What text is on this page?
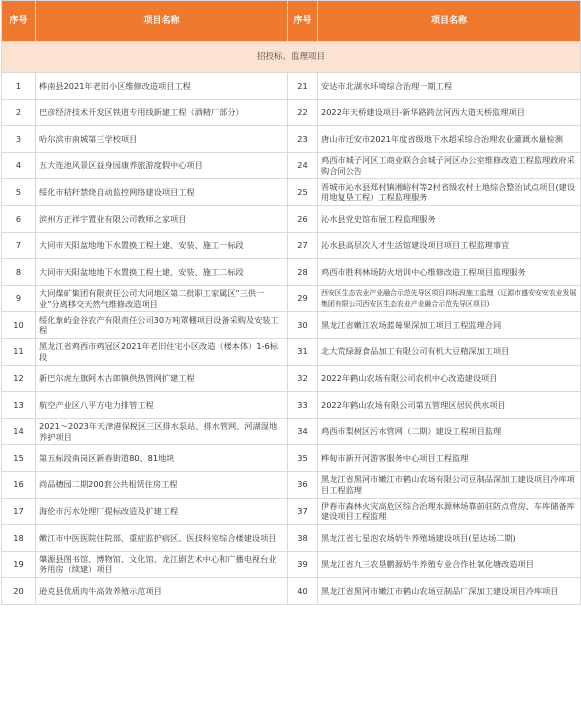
序号	项目名称	序号	项目名称
招投标、监理项目			
1	桦南县2021年老旧小区维修改造项目工程	21	安达市北湖水环境综合治理一期工程
2	巴彦经济技术开发区铁道专用线新建工程（酒精厂部分）	22	2022年天桥建设项目-新华路跨岔河西大道天桥监理项目
3	哈尔滨市南城第三学校项目	23	唐山市迁安市2021年度省级地下水超采综合治理农业灌溉水量检测
4	五大连池风景区益身园康养旅游度假中心项目	24	鸡西市城子河区工商业联合会城子河区办公室维修改造工程监理政府采购合同公告
5	绥化市秸秆禁烧自动监控网络建设项目工程	25	晋城市沁水县郑村镇湘峪村等2村省级农村土地综合整治试点项目(建设用地复垦工程）工程监理服务
6	滨州方正祥宇置业有限公司教师之家项目	26	沁水县党史馆布展工程监理服务
7	大同市天阳盆地地下水置换工程土建、安装、施工一标段	27	沁水县高层次人才生活馆建设项目项目工程监理事宜
8	大同市天阳盆地地下水置换工程土建、安装、施工二标段	28	鸡西市胜利林场防火培训中心维修改造工程项目监理服务
9	大同煤矿集团有限责任公司大同地区第二批职工家属区“三供一业”分离移交天然气维修改造项目	29	西安区生态农业产业融合示范先导区项目四标段施工监理（辽源市盛安安安农业发展集团有限公司西安区生态农业产业融合示范先导区项目)
10	绥化象屿金谷农产有限责任公司30万吨罩棚项目设备采购及安装工程	30	黑龙江省嫩江农场蓝莓果深加工项目工程监理合同
11	黑龙江省鸡西市鸡冠区2021年老旧住宅小区改造（楼本体）1-6标段	31	北大荒绿源食品加工有限公司有机大豆精深加工项目
12	新巴尔虎左旗阿木古郎镇供热管网扩建工程	32	2022年鹤山农场有限公司农机中心改造建设项目
13	航空产业区八平方电力排管工程	33	2022年鹤山农场有限公司第五管理区居民供水项目
14	2021～2023年天津港保税区三区排水泵站、排水管网、河湖湿地养护项目	34	鸡西市梨树区污水管网（二期）建设工程项目监理
15	第五标段南岗区新春街道80、81地块	35	桦甸市新开河游客服务中心项目工程监理
16	尚品穗园二期200套公共租赁住房工程	36	黑龙江省黑河市嫩江市鹤山农场有限公司豆制品深加工建设项目冷库项目工程监理
17	海伦市污水处理厂提标改造及扩建工程	37	伊春市森林火灾高危区综合治理水源林场靠前驻防点营房、车库储备库建设项目工程监理
18	嫩江市中医医院住院部、重症监护病区、医技科室综合楼建设项目	38	黑龙江省七星泡农场奶牛养殖场建设项目(星达场二期)
19	肇源县图书馆、博物馆、文化馆、龙江剧艺术中心和广播电视台业务用房（续建）项目	39	黑龙江省九三农垦鹏源奶牛养殖专业合作社氧化塘改造项目
20	逊克县优质肉牛高效养殖示范项目	40	黑龙江省黑河市嫩江市鹤山农场豆制品厂深加工建设项目冷库项目
